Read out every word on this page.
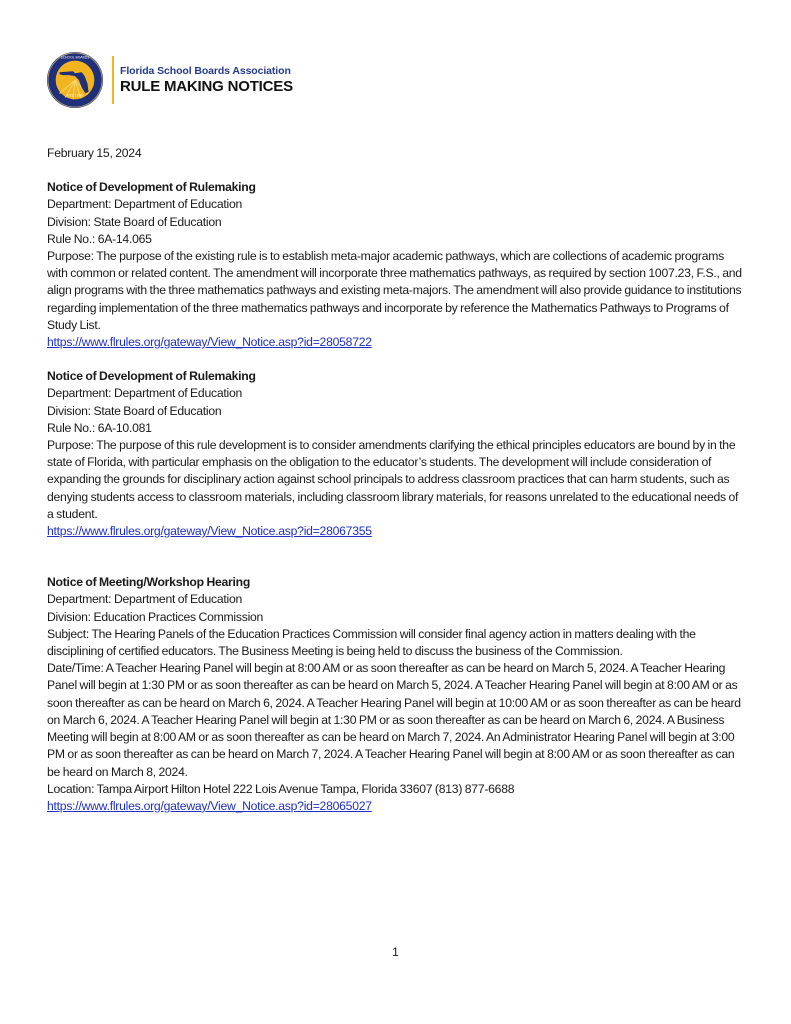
EST. 1930
SCHOOL BOARDS
Florida School Boards Association
RULE MAKING NOTICES

February 15, 2024

Notice of Development of Rulemaking

Department: Department of Education

Division: State Board of Education

Rule No.: 6A-14.065

Purpose: The purpose of the existing rule is to establish meta-major academic pathways, which are collections of academic programs with common or related content. The amendment will incorporate three mathematics pathways, as required by section 1007.23, F.S., and align programs with the three mathematics pathways and existing meta-majors. The amendment will also provide guidance to institutions regarding implementation of the three mathematics pathways and incorporate by reference the Mathematics Pathways to Programs of Study List.

https://www.flrules.org/gateway/View_Notice.asp?id=28058722

Notice of Development of Rulemaking

Department: Department of Education

Division: State Board of Education

Rule No.: 6A-10.081

Purpose: The purpose of this rule development is to consider amendments clarifying the ethical principles educators are bound by in the state of Florida, with particular emphasis on the obligation to the educator’s students. The development will include consideration of expanding the grounds for disciplinary action against school principals to address classroom practices that can harm students, such as denying students access to classroom materials, including classroom library materials, for reasons unrelated to the educational needs of a student.

https://www.flrules.org/gateway/View_Notice.asp?id=28067355

Notice of Meeting/Workshop Hearing

Department: Department of Education

Division: Education Practices Commission

Subject: The Hearing Panels of the Education Practices Commission will consider final agency action in matters dealing with the disciplining of certified educators. The Business Meeting is being held to discuss the business of the Commission.

Date/Time: A Teacher Hearing Panel will begin at 8:00 AM or as soon thereafter as can be heard on March 5, 2024. A Teacher Hearing Panel will begin at 1:30 PM or as soon thereafter as can be heard on March 5, 2024. A Teacher Hearing Panel will begin at 8:00 AM or as soon thereafter as can be heard on March 6, 2024. A Teacher Hearing Panel will begin at 10:00 AM or as soon thereafter as can be heard on March 6, 2024. A Teacher Hearing Panel will begin at 1:30 PM or as soon thereafter as can be heard on March 6, 2024. A Business Meeting will begin at 8:00 AM or as soon thereafter as can be heard on March 7, 2024. An Administrator Hearing Panel will begin at 3:00 PM or as soon thereafter as can be heard on March 7, 2024. A Teacher Hearing Panel will begin at 8:00 AM or as soon thereafter as can be heard on March 8, 2024.

Location: Tampa Airport Hilton Hotel 222 Lois Avenue Tampa, Florida 33607 (813) 877-6688

https://www.flrules.org/gateway/View_Notice.asp?id=28065027

1
